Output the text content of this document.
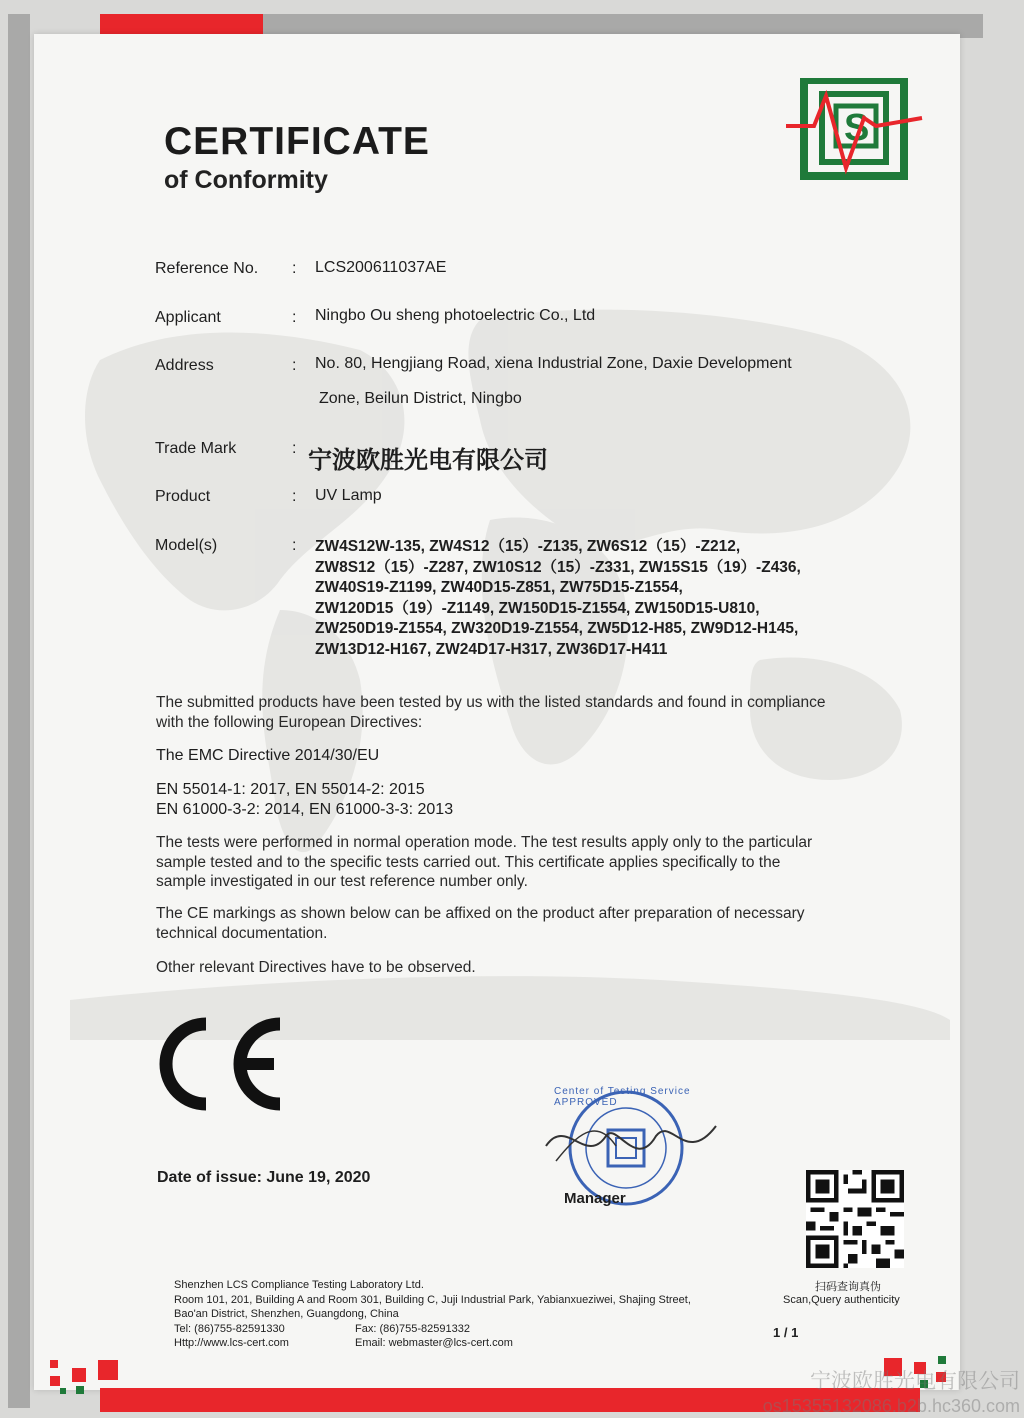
CERTIFICATE
of Conformity
S
Reference No. : LCS200611037AE
Applicant	: Ningbo Ou sheng photoelectric Co., Ltd
Address	: No. 80, Hengjiang Road, xiena Industrial Zone, Daxie Development
Zone, Beilun District, Ningbo
Trade Mark	: 宁波欧胜光电有限公司
Product	: UV Lamp
Model(s)	: ZW4S12W-135, ZW4S12（15）-Z135, ZW6S12（15）-Z212,
ZW8S12（15）-Z287, ZW10S12（15）-Z331, ZW15S15（19）-Z436,
ZW40S19-Z1199, ZW40D15-Z851, ZW75D15-Z1554,
ZW120D15（19）-Z1149, ZW150D15-Z1554, ZW150D15-U810,
ZW250D19-Z1554, ZW320D19-Z1554, ZW5D12-H85, ZW9D12-H145,
ZW13D12-H167, ZW24D17-H317, ZW36D17-H411
The submitted products have been tested by us with the listed standards and found in compliance
with the following European Directives:
The EMC Directive 2014/30/EU
EN 55014-1: 2017, EN 55014-2: 2015
EN 61000-3-2: 2014, EN 61000-3-3: 2013
The tests were performed in normal operation mode. The test results apply only to the particular
sample tested and to the specific tests carried out. This certificate applies specifically to the
sample investigated in our test reference number only.
The CE markings as shown below can be affixed on the product after preparation of necessary
technical documentation.
Other relevant Directives have to be observed.
Date of issue: June 19, 2020
Center of Testing Service APPROVED
Manager
扫码查询真伪
Scan,Query authenticity
1 / 1
Shenzhen LCS Compliance Testing Laboratory Ltd.
Room 101, 201, Building A and Room 301, Building C, Juji Industrial Park, Yabianxueziwei, Shajing Street,
Bao'an District, Shenzhen, Guangdong, China
Tel: (86)755-82591330	Fax: (86)755-82591332
Http://www.lcs-cert.com	Email: webmaster@lcs-cert.com
宁波欧胜光电有限公司
os15355132086.b2b.hc360.com
